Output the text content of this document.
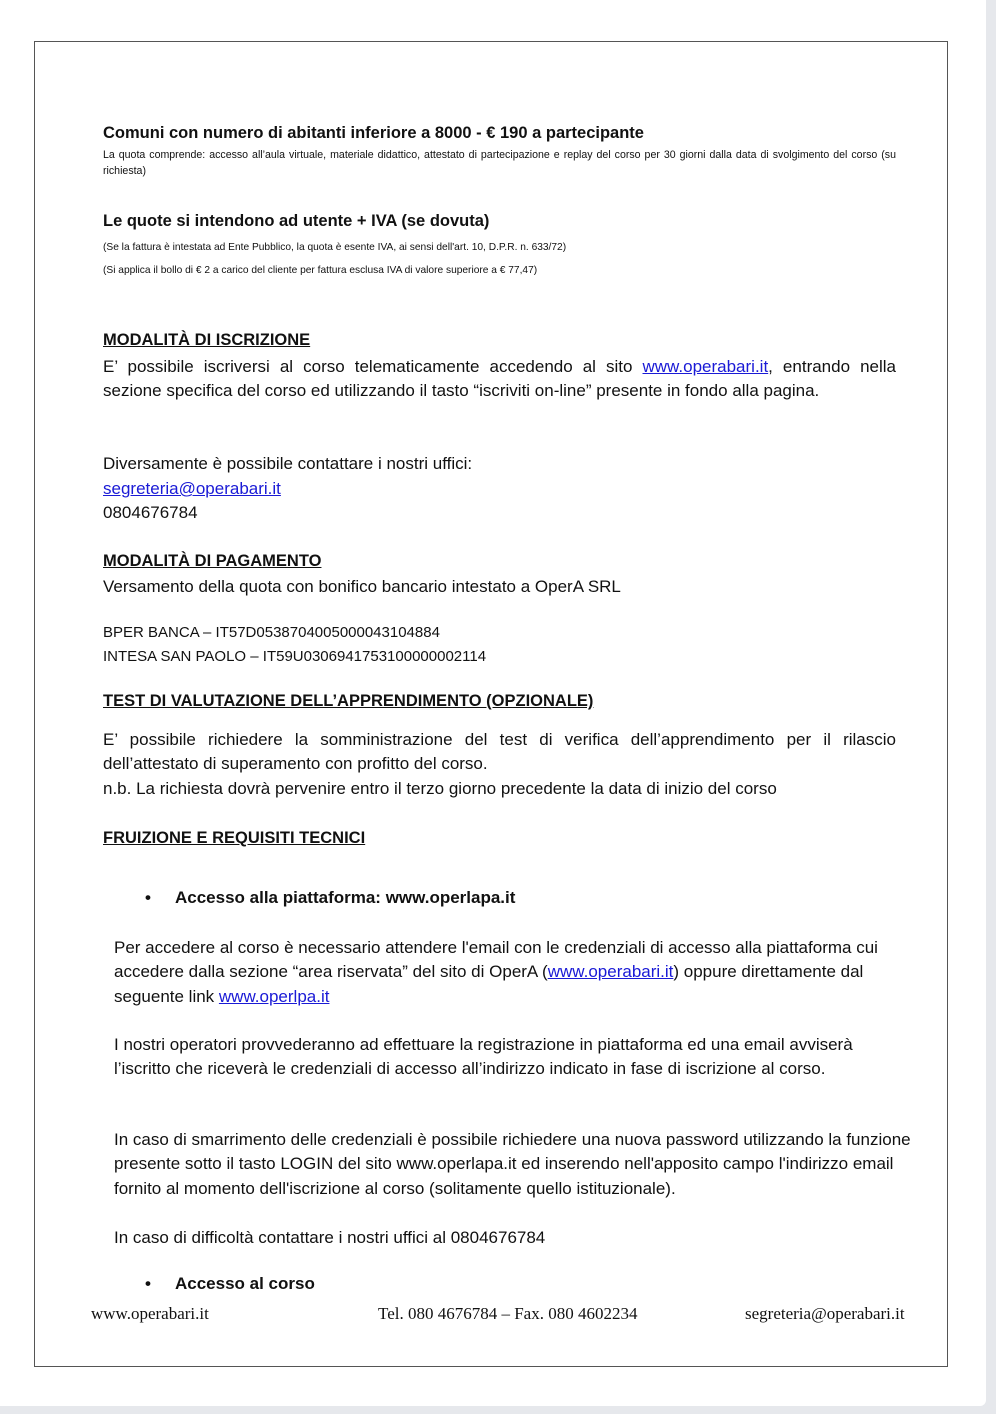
Comuni con numero di abitanti inferiore a 8000 - € 190 a partecipante
La quota comprende: accesso all’aula virtuale, materiale didattico, attestato di partecipazione e replay del corso per 30 giorni dalla data di svolgimento del corso (su richiesta)
Le quote si intendono ad utente + IVA (se dovuta)
(Se la fattura è intestata ad Ente Pubblico, la quota è esente IVA, ai sensi dell'art. 10, D.P.R. n. 633/72)
(Si applica il bollo di € 2 a carico del cliente per fattura esclusa IVA di valore superiore a € 77,47)
MODALITÀ DI ISCRIZIONE
E’ possibile iscriversi al corso telematicamente accedendo al sito www.operabari.it, entrando nella sezione specifica del corso ed utilizzando il tasto “iscriviti on-line” presente in fondo alla pagina.
Diversamente è possibile contattare i nostri uffici:
segreteria@operabari.it
0804676784
MODALITÀ DI PAGAMENTO
Versamento della quota con bonifico bancario intestato a OperA SRL
BPER BANCA – IT57D0538704005000043104884
INTESA SAN PAOLO – IT59U0306941753100000002114
TEST DI VALUTAZIONE DELL’APPRENDIMENTO (OPZIONALE)
E’ possibile richiedere la somministrazione del test di verifica dell’apprendimento per il rilascio dell’attestato di superamento con profitto del corso.
n.b. La richiesta dovrà pervenire entro il terzo giorno precedente la data di inizio del corso
FRUIZIONE E REQUISITI TECNICI
• Accesso alla piattaforma: www.operlapa.it
Per accedere al corso è necessario attendere l'email con le credenziali di accesso alla piattaforma cui accedere dalla sezione “area riservata” del sito di OperA (www.operabari.it) oppure direttamente dal seguente link www.operlpa.it
I nostri operatori provvederanno ad effettuare la registrazione in piattaforma ed una email avviserà l’iscritto che riceverà le credenziali di accesso all’indirizzo indicato in fase di iscrizione al corso.
In caso di smarrimento delle credenziali è possibile richiedere una nuova password utilizzando la funzione presente sotto il tasto LOGIN del sito www.operlapa.it ed inserendo nell'apposito campo l'indirizzo email fornito al momento dell'iscrizione al corso (solitamente quello istituzionale).
In caso di difficoltà contattare i nostri uffici al 0804676784
• Accesso al corso
www.operabari.it	Tel. 080 4676784 – Fax. 080 4602234	segreteria@operabari.it
